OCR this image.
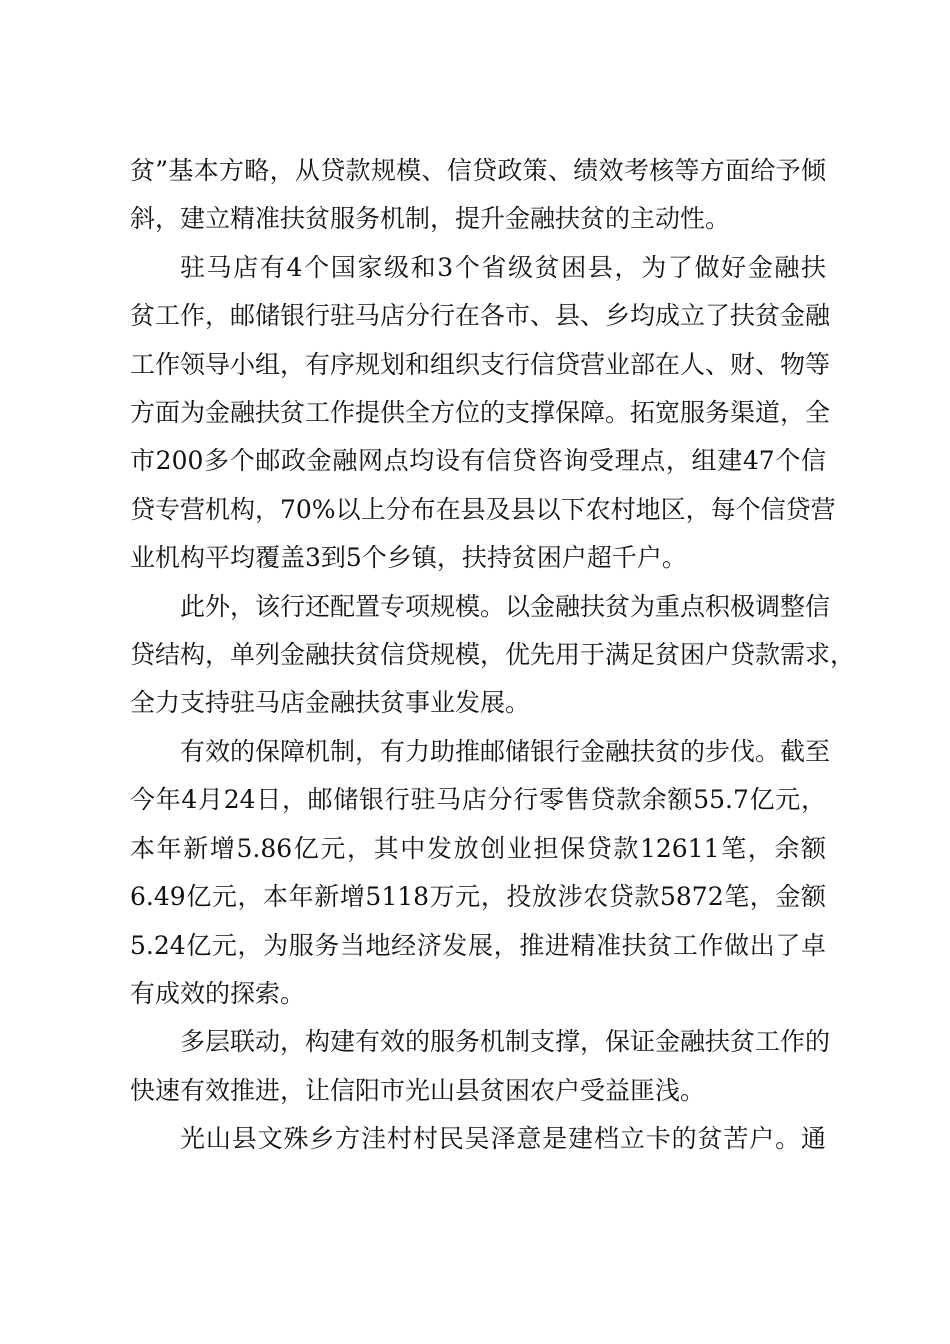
贫”基本方略，从贷款规模、信贷政策、绩效考核等方面给予倾
斜，建立精准扶贫服务机制，提升金融扶贫的主动性。
驻马店有4个国家级和3个省级贫困县，为了做好金融扶
贫工作，邮储银行驻马店分行在各市、县、乡均成立了扶贫金融
工作领导小组，有序规划和组织支行信贷营业部在人、财、物等
方面为金融扶贫工作提供全方位的支撑保障。拓宽服务渠道，全
市200多个邮政金融网点均设有信贷咨询受理点，组建47个信
贷专营机构，70%以上分布在县及县以下农村地区，每个信贷营
业机构平均覆盖3到5个乡镇，扶持贫困户超千户。
此外，该行还配置专项规模。以金融扶贫为重点积极调整信
贷结构，单列金融扶贫信贷规模，优先用于满足贫困户贷款需求，
全力支持驻马店金融扶贫事业发展。
有效的保障机制，有力助推邮储银行金融扶贫的步伐。截至
今年4月24日，邮储银行驻马店分行零售贷款余额55.7亿元，
本年新增5.86亿元，其中发放创业担保贷款12611笔，余额
6.49亿元，本年新增5118万元，投放涉农贷款5872笔，金额
5.24亿元，为服务当地经济发展，推进精准扶贫工作做出了卓
有成效的探索。
多层联动，构建有效的服务机制支撑，保证金融扶贫工作的
快速有效推进，让信阳市光山县贫困农户受益匪浅。
光山县文殊乡方洼村村民吴泽意是建档立卡的贫苦户。通
